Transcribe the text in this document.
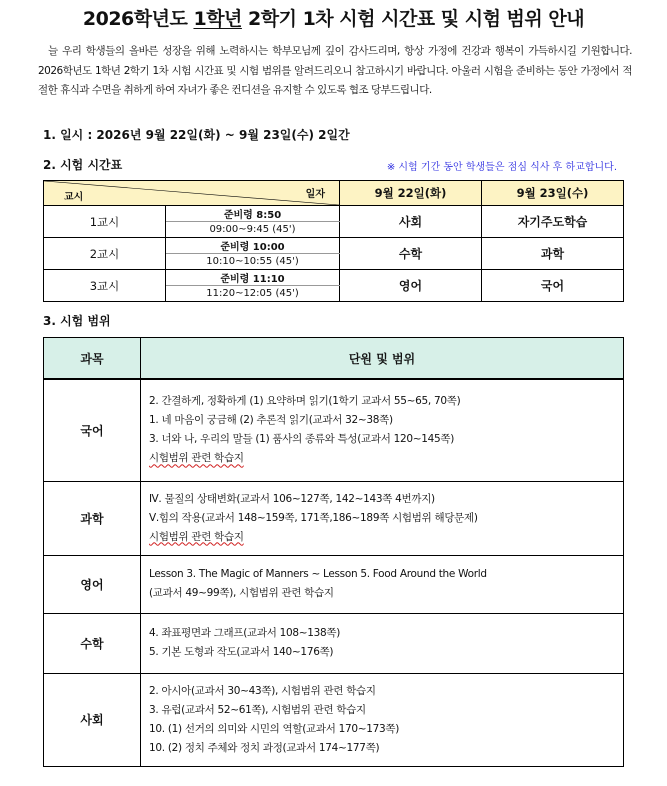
2026학년도 1학년 2학기 1차 시험 시간표 및 시험 범위 안내
늘 우리 학생들의 올바른 성장을 위해 노력하시는 학부모님께 깊이 감사드리며, 항상 가정에 건강과 행복이 가득하시길 기원합니다. 2026학년도 1학년 2학기 1차 시험 시간표 및 시험 범위를 알려드리오니 참고하시기 바랍니다. 아울러 시험을 준비하는 동안 가정에서 적절한 휴식과 수면을 취하게 하여 자녀가 좋은 컨디션을 유지할 수 있도록 협조 당부드립니다.
1. 일시 : 2026년 9월 22일(화) ~ 9월 23일(수) 2일간
2. 시험 시간표	※ 시험 기간 동안 학생들은 점심 식사 후 하교합니다.
교시 일자		9월 22일(화)	9월 23일(수)
1교시	준비령 8:50	사회	자기주도학습
	09:00~9:45 (45')		
2교시	준비령 10:00	수학	과학
	10:10~10:55 (45')		
3교시	준비령 11:10	영어	국어
	11:20~12:05 (45')		
3. 시험 범위
과목	단원 및 범위
국어	2. 간결하게, 정확하게 (1) 요약하며 읽기(1학기 교과서 55~65, 70쪽)
1. 네 마음이 궁금해 (2) 추론적 읽기(교과서 32~38쪽)
3. 너와 나, 우리의 말들 (1) 품사의 종류와 특성(교과서 120~145쪽)
시험범위 관련 학습지
과학	Ⅳ. 물질의 상태변화(교과서 106~127쪽, 142~143쪽 4번까지)
Ⅴ.힘의 작용(교과서 148~159쪽, 171쪽,186~189쪽 시험범위 해당문제)
시험범위 관련 학습지
영어	Lesson 3. The Magic of Manners ~ Lesson 5. Food Around the World
(교과서 49~99쪽), 시험범위 관련 학습지

수학	4. 좌표평면과 그래프(교과서 108~138쪽)
5. 기본 도형과 작도(교과서 140~176쪽)

사회	2. 아시아(교과서 30~43쪽), 시험범위 관련 학습지
3. 유럽(교과서 52~61쪽), 시험범위 관련 학습지
10. (1) 선거의 의미와 시민의 역할(교과서 170~173쪽)
10. (2) 정치 주체와 정치 과정(교과서 174~177쪽)
